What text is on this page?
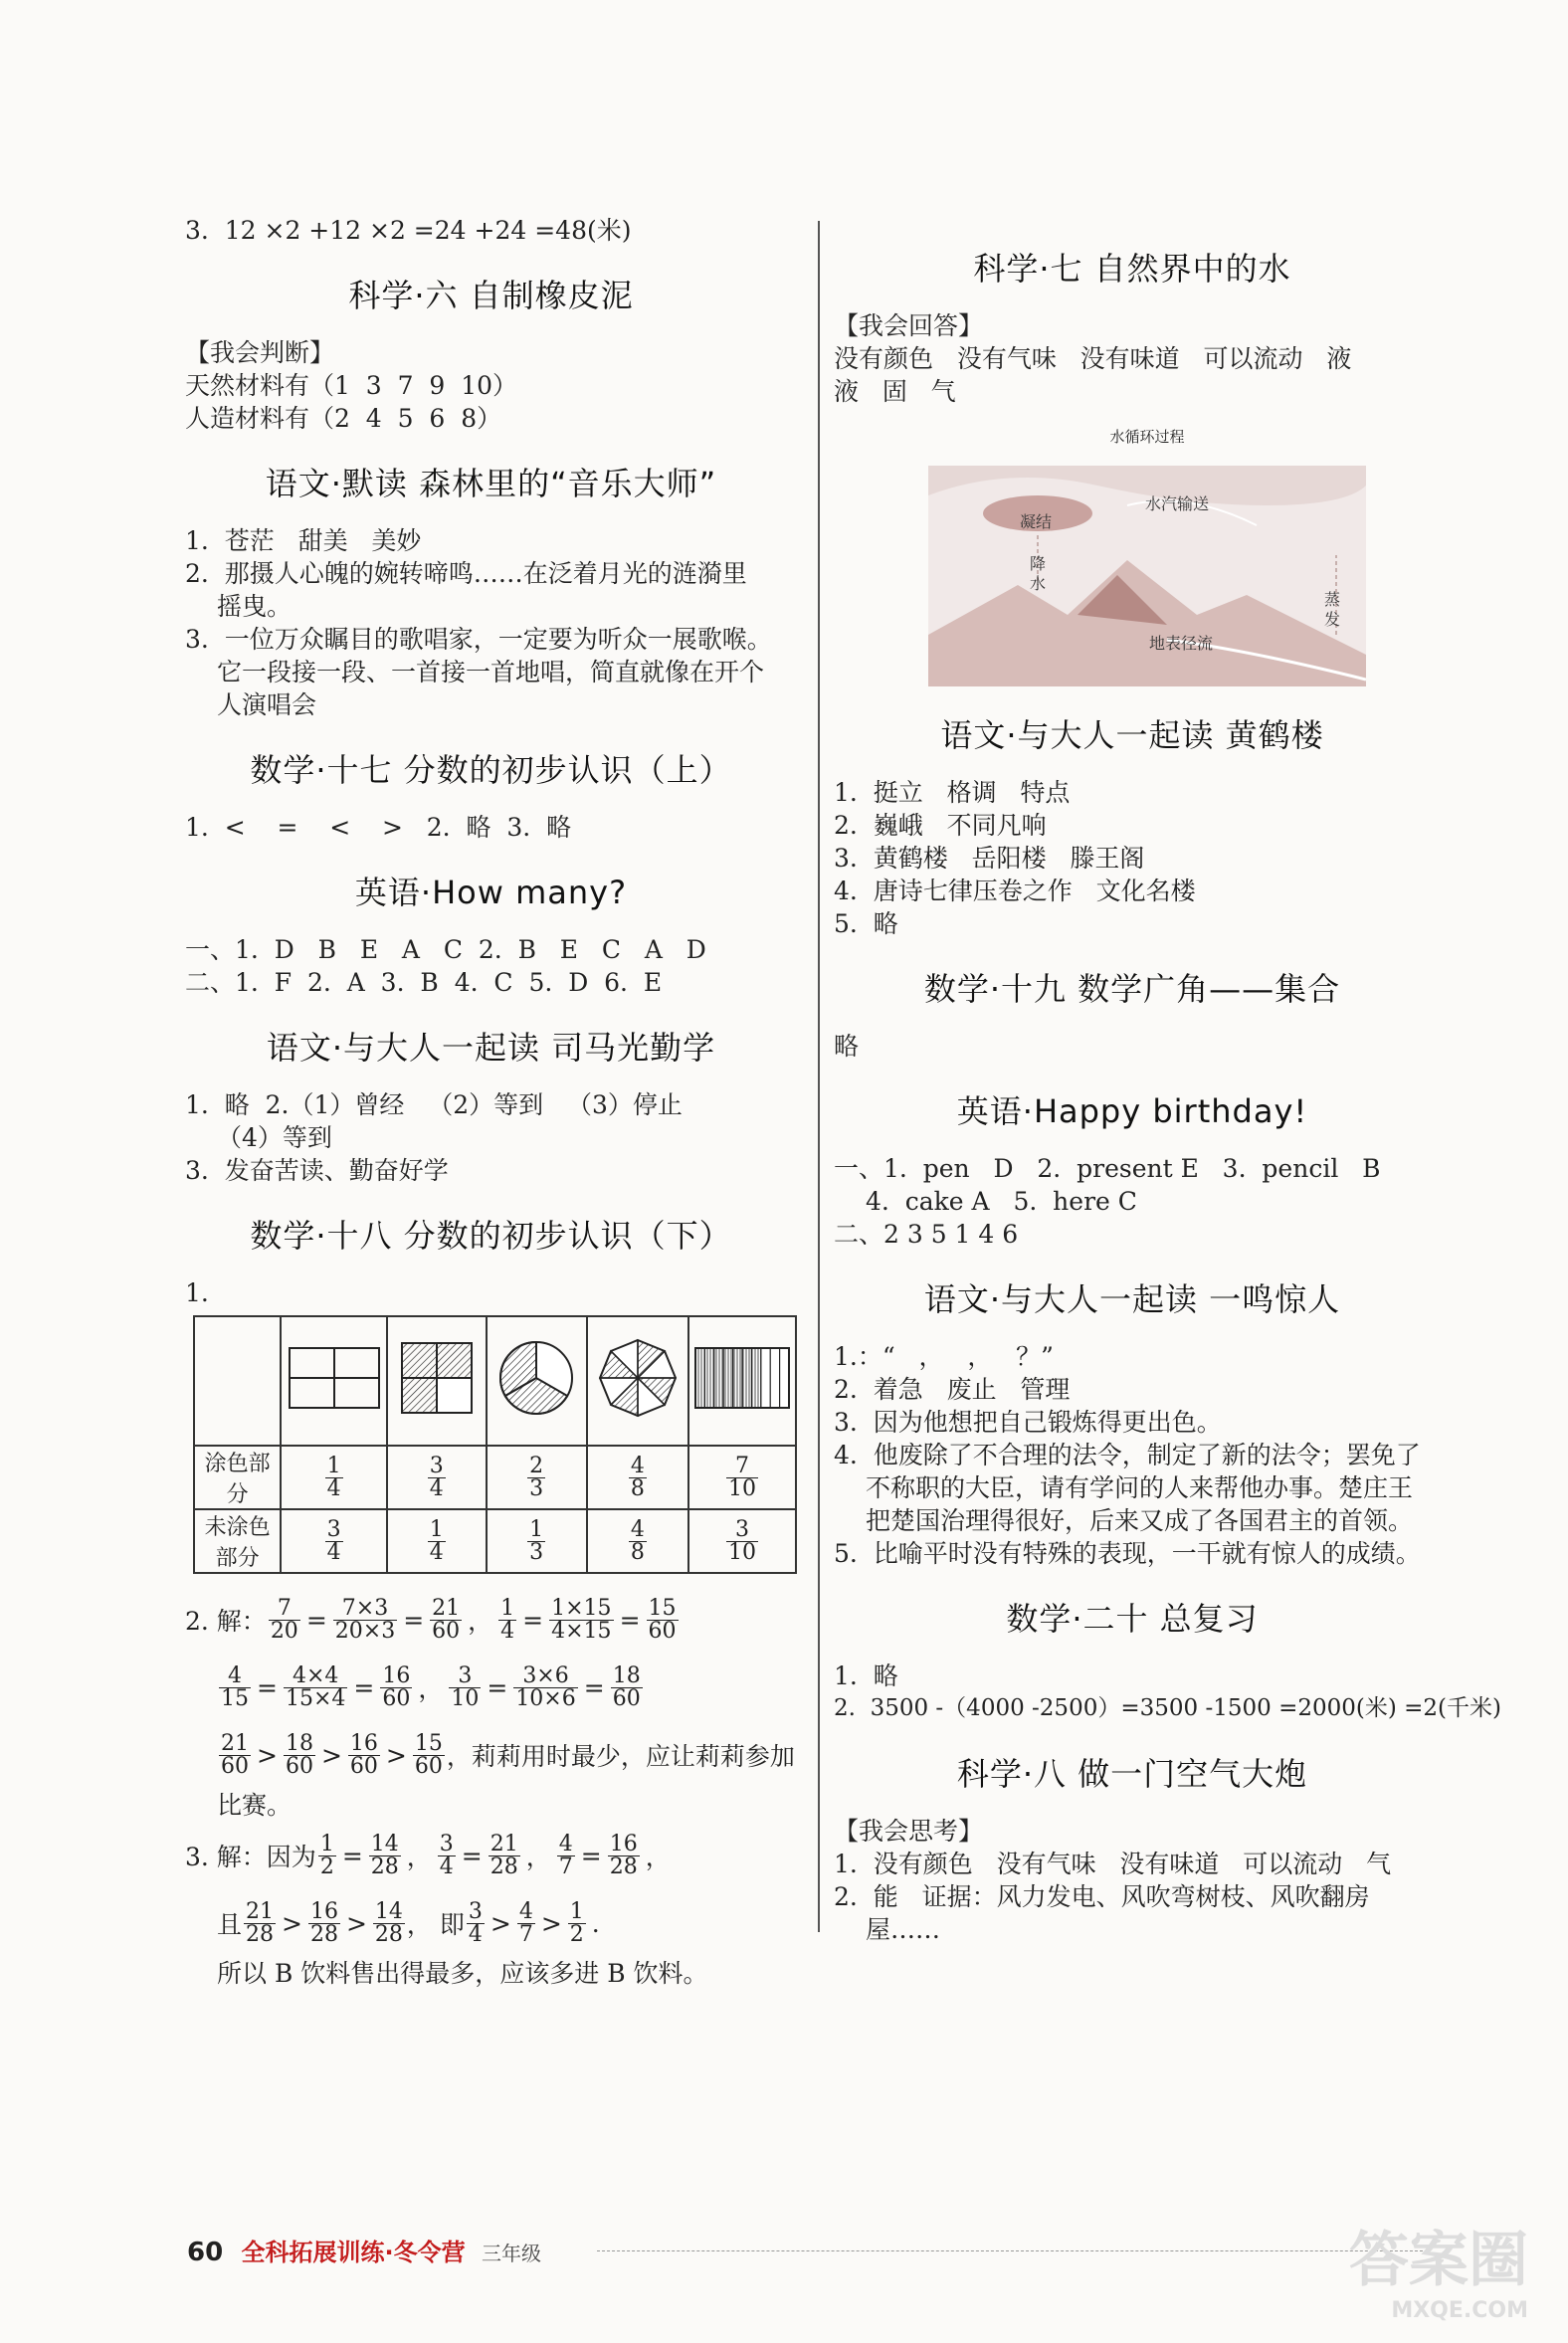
3.  12 ×2 +12 ×2 =24 +24 =48(米)
科学·六 自制橡皮泥
【我会判断】
天然材料有（1  3  7  9  10）
人造材料有（2  4  5  6  8）
语文·默读 森林里的“音乐大师”
1.  苍茫   甜美   美妙
2.  那摄人心魄的婉转啼鸣……在泛着月光的涟漪里
摇曳。
3.  一位万众瞩目的歌唱家，一定要为听众一展歌喉。
它一段接一段、一首接一首地唱，简直就像在开个
人演唱会
数学·十七 分数的初步认识（上）
1.  <    =    <    >   2.  略  3.  略
英语·How many?
一、1.  D   B   E   A   C  2.  B   E   C   A   D
二、1.  F  2.  A  3.  B  4.  C  5.  D  6.  E
语文·与大人一起读 司马光勤学
1.  略  2.（1）曾经   （2）等到   （3）停止
（4）等到
3.  发奋苦读、勤奋好学
数学·十八 分数的初步认识（下）
1.

涂色部分	$\frac{1}{4}$	$\frac{3}{4}$	$\frac{2}{3}$	$\frac{4}{8}$	$\frac{7}{10}$

未涂色部分	$\frac{3}{4}$	$\frac{1}{4}$	$\frac{1}{3}$	$\frac{4}{8}$	$\frac{3}{10}$
2. 解： $\frac{7}{20} = \frac{7\times 3}{20\times 3} = \frac{21}{60}$ ， $\frac{1}{4} = \frac{1\times 15}{4\times 15} = \frac{15}{60}$
$\frac{4}{15} = \frac{4\times 4}{15\times 4} = \frac{16}{60}$ ， $\frac{3}{10} = \frac{3\times 6}{10\times 6} = \frac{18}{60}$
$\frac{21}{60} > \frac{18}{60} > \frac{16}{60} > \frac{15}{60}$ ，莉莉用时最少，应让莉莉参加
比赛。
3. 解：因为 $\frac{1}{2} = \frac{14}{28}$ ， $\frac{3}{4} = \frac{21}{28}$ ， $\frac{4}{7} = \frac{16}{28}$ ，
且 $\frac{21}{28} > \frac{16}{28} > \frac{14}{28}$ ， 即 $\frac{3}{4} > \frac{4}{7} > \frac{1}{2}$ .
所以 B 饮料售出得最多，应该多进 B 饮料。
科学·七 自然界中的水
【我会回答】
没有颜色   没有气味   没有味道   可以流动   液
液   固   气
水循环过程
凝结
水汽输送
降
水
蒸
发
地表径流
语文·与大人一起读 黄鹤楼
1.  挺立   格调   特点
2.  巍峨   不同凡响
3.  黄鹤楼   岳阳楼   滕王阁
4.  唐诗七律压卷之作   文化名楼
5.  略
数学·十九 数学广角——集合
略
英语·Happy birthday!
一、1.  pen   D   2.  present E   3.  pencil   B
4.  cake A   5.  here C
二、2 3 5 1 4 6
语文·与大人一起读 一鸣惊人
1.：“   ，   ，   ？”
2.  着急   废止   管理
3.  因为他想把自己锻炼得更出色。
4.  他废除了不合理的法令，制定了新的法令；罢免了
不称职的大臣，请有学问的人来帮他办事。楚庄王
把楚国治理得很好，后来又成了各国君主的首领。
5.  比喻平时没有特殊的表现，一干就有惊人的成绩。
数学·二十 总复习
1.  略
2.  3500 -（4000 -2500）=3500 -1500 =2000(米) =2(千米)
科学·八 做一门空气大炮
【我会思考】
1.  没有颜色   没有气味   没有味道   可以流动   气
2.  能   证据：风力发电、风吹弯树枝、风吹翻房
屋……
60 全科拓展训练·冬令营 三年级	答案圈
MXQE.COM
